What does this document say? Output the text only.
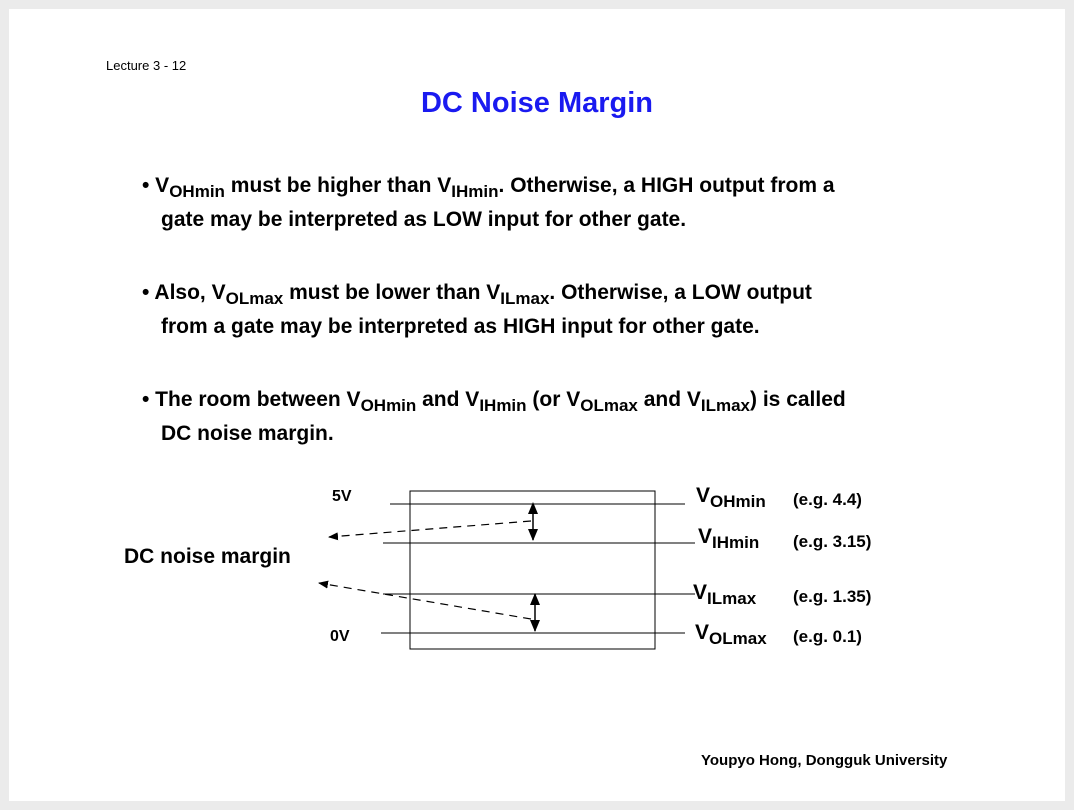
Lecture 3 - 12
DC Noise Margin
• $V_{OHmin}$ must be higher than $V_{IHmin}$. Otherwise, a HIGH output from a
gate may be interpreted as LOW input for other gate.
• Also, $V_{OLmax}$ must be lower than $V_{ILmax}$. Otherwise, a LOW output
from a gate may be interpreted as HIGH input for other gate.
• The room between $V_{OHmin}$ and $V_{IHmin}$ (or $V_{OLmax}$ and $V_{ILmax}$) is called
DC noise margin.
5V
0V
DC noise margin
$V_{OHmin}$ (e.g. 4.4)
$V_{IHmin}$ (e.g. 3.15)
$V_{ILmax}$ (e.g. 1.35)
$V_{OLmax}$ (e.g. 0.1)
Youpyo Hong, Dongguk University
